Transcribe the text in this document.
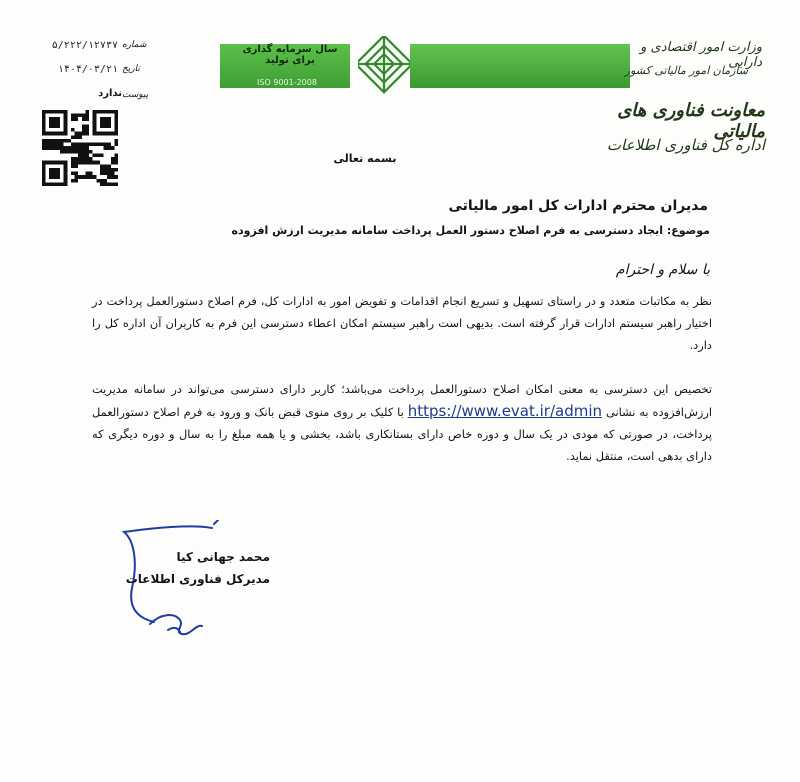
سال سرمایه گذاری برای تولید
ISO 9001-2008
وزارت امور اقتصادی و دارایی
سازمان امور مالیاتی کشور
معاونت فناوری های مالیاتی
اداره کل فناوری اطلاعات
۵/۲۲۲/۱۲۷۳۷ شماره
۱۴۰۴/۰۳/۲۱ تاریخ
ندارد پیوست
بسمه تعالی
مدیران محترم ادارات کل امور مالیاتی
موضوع: ایجاد دسترسی به فرم اصلاح دستور العمل پرداخت سامانه مدیریت ارزش افزوده
با سلام و احترام
نظر به مکاتبات متعدد و در راستای تسهیل و تسریع انجام اقدامات و تفویض امور به ادارات کل، فرم اصلاح دستورالعمل پرداخت در اختیار راهبر سیستم ادارات قرار گرفته است. بدیهی است راهبر سیستم امکان اعطاء دسترسی این فرم به کاربران آن اداره کل را دارد.
تخصیص این دسترسی به معنی امکان اصلاح دستورالعمل پرداخت می‌باشد؛ کاربر دارای دسترسی می‌تواند در سامانه مدیریت ارزش‌افزوده به نشانی https://www.evat.ir/admin با کلیک بر روی منوی قبض بانک و ورود به فرم اصلاح دستورالعمل پرداخت، در صورتی که مودی در یک سال و دوره خاص دارای بستانکاری باشد، بخشی و یا همه مبلغ را به سال و دوره دیگری که دارای بدهی است، منتقل نماید.
محمد جهانی کیا
مدیرکل فناوری اطلاعات
